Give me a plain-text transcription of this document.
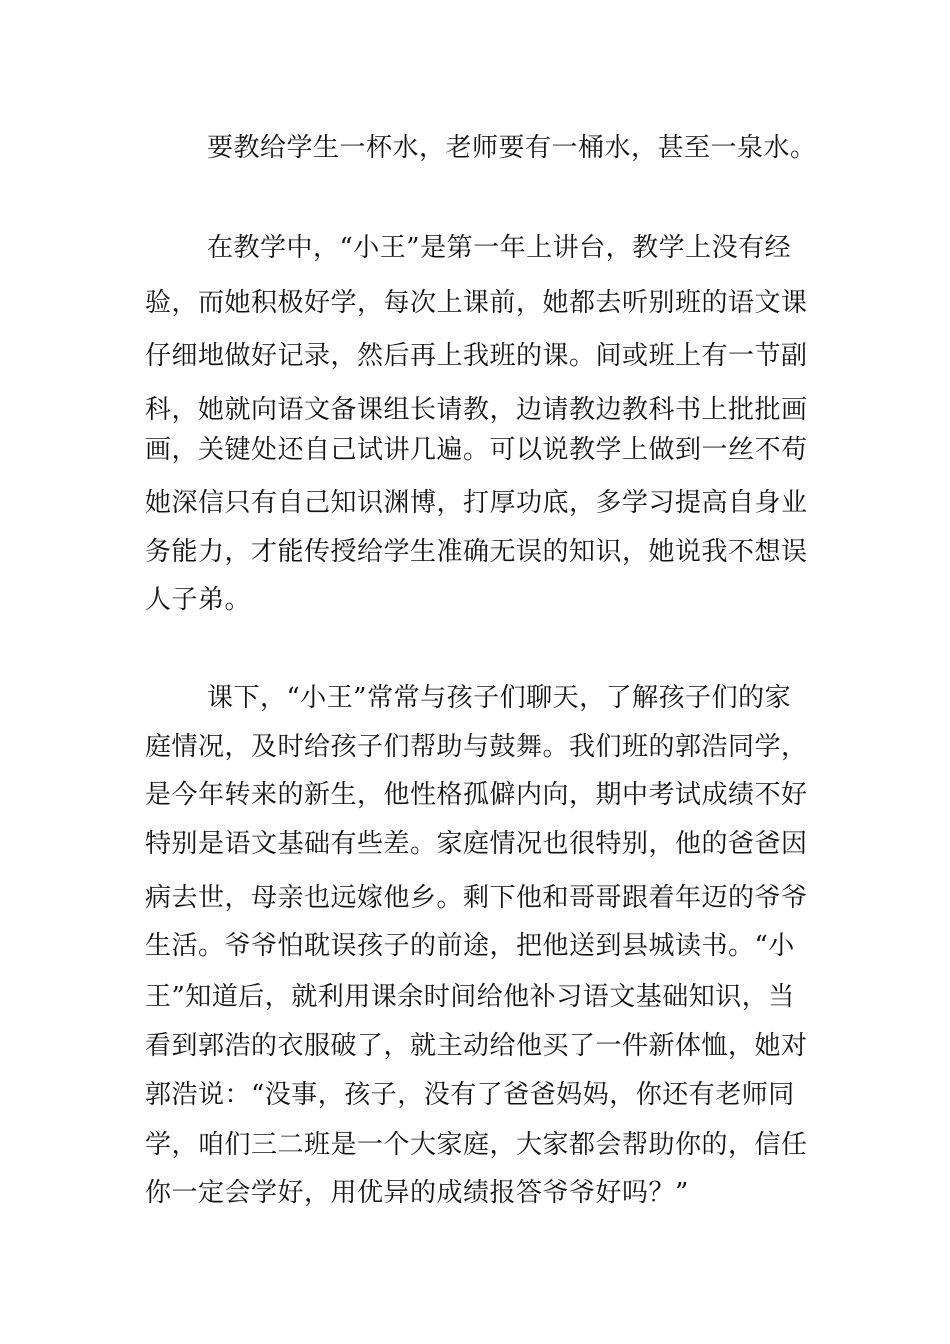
要教给学生一杯水，老师要有一桶水，甚至一泉水。
在教学中，“小王”是第一年上讲台，教学上没有经
验，而她积极好学，每次上课前，她都去听别班的语文课
仔细地做好记录，然后再上我班的课。间或班上有一节副
科，她就向语文备课组长请教，边请教边教科书上批批画
画，关键处还自己试讲几遍。可以说教学上做到一丝不苟
她深信只有自己知识渊博，打厚功底，多学习提高自身业
务能力，才能传授给学生准确无误的知识，她说我不想误
人子弟。
课下，“小王”常常与孩子们聊天，了解孩子们的家
庭情况，及时给孩子们帮助与鼓舞。我们班的郭浩同学，
是今年转来的新生，他性格孤僻内向，期中考试成绩不好
特别是语文基础有些差。家庭情况也很特别，他的爸爸因
病去世，母亲也远嫁他乡。剩下他和哥哥跟着年迈的爷爷
生活。爷爷怕耽误孩子的前途，把他送到县城读书。“小
王”知道后，就利用课余时间给他补习语文基础知识，当
看到郭浩的衣服破了，就主动给他买了一件新体恤，她对
郭浩说：“没事，孩子，没有了爸爸妈妈，你还有老师同
学，咱们三二班是一个大家庭，大家都会帮助你的，信任
你一定会学好，用优异的成绩报答爷爷好吗？”
